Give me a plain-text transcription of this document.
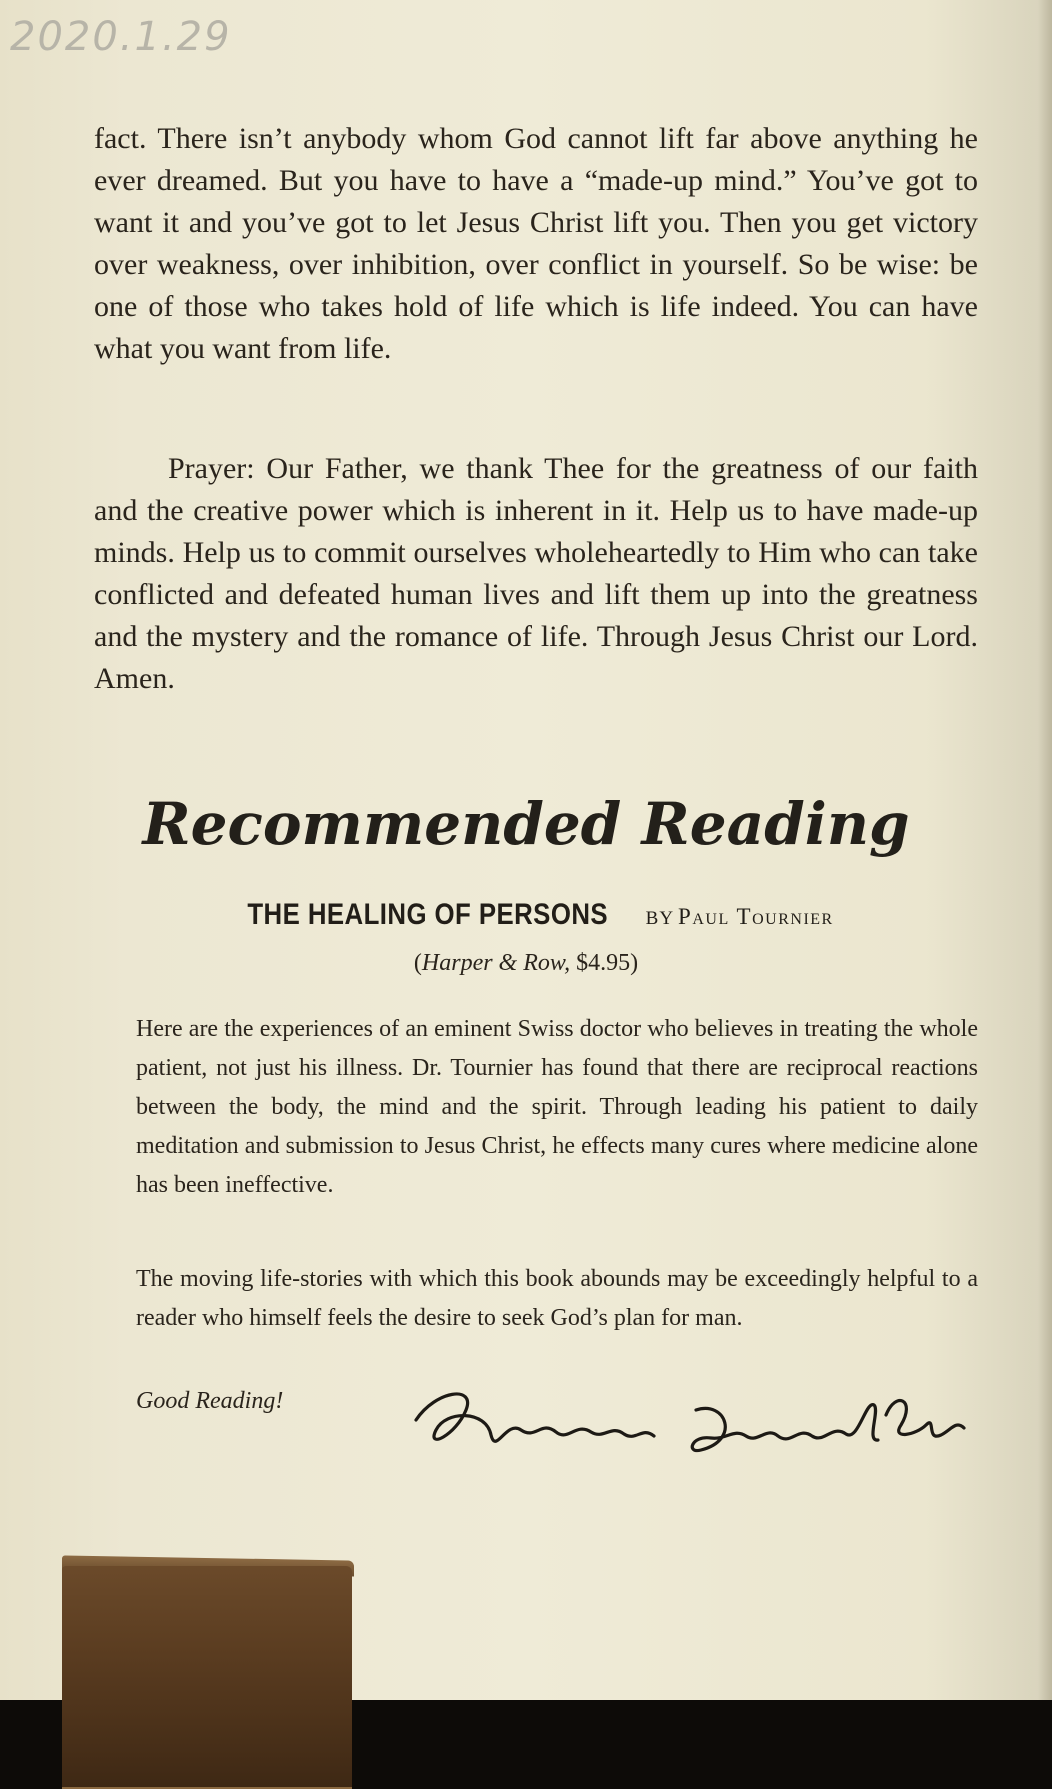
2020.1.29

fact. There isn’t anybody whom God cannot lift far above anything he ever dreamed. But you have to have a “made-up mind.” You’ve got to want it and you’ve got to let Jesus Christ lift you. Then you get victory over weakness, over inhibition, over conflict in yourself. So be wise: be one of those who takes hold of life which is life indeed. You can have what you want from life.

Prayer: Our Father, we thank Thee for the greatness of our faith and the creative power which is inherent in it. Help us to have made-up minds. Help us to commit ourselves wholeheartedly to Him who can take conflicted and defeated human lives and lift them up into the greatness and the mystery and the romance of life. Through Jesus Christ our Lord. Amen.

Recommended Reading

THE HEALING OF PERSONS BY Paul Tournier

(Harper & Row, $4.95)

Here are the experiences of an eminent Swiss doctor who believes in treating the whole patient, not just his illness. Dr. Tournier has found that there are reciprocal reactions between the body, the mind and the spirit. Through leading his patient to daily meditation and submission to Jesus Christ, he effects many cures where medicine alone has been ineffective.

The moving life-stories with which this book abounds may be exceedingly helpful to a reader who himself feels the desire to seek God’s plan for man.

Good Reading!
